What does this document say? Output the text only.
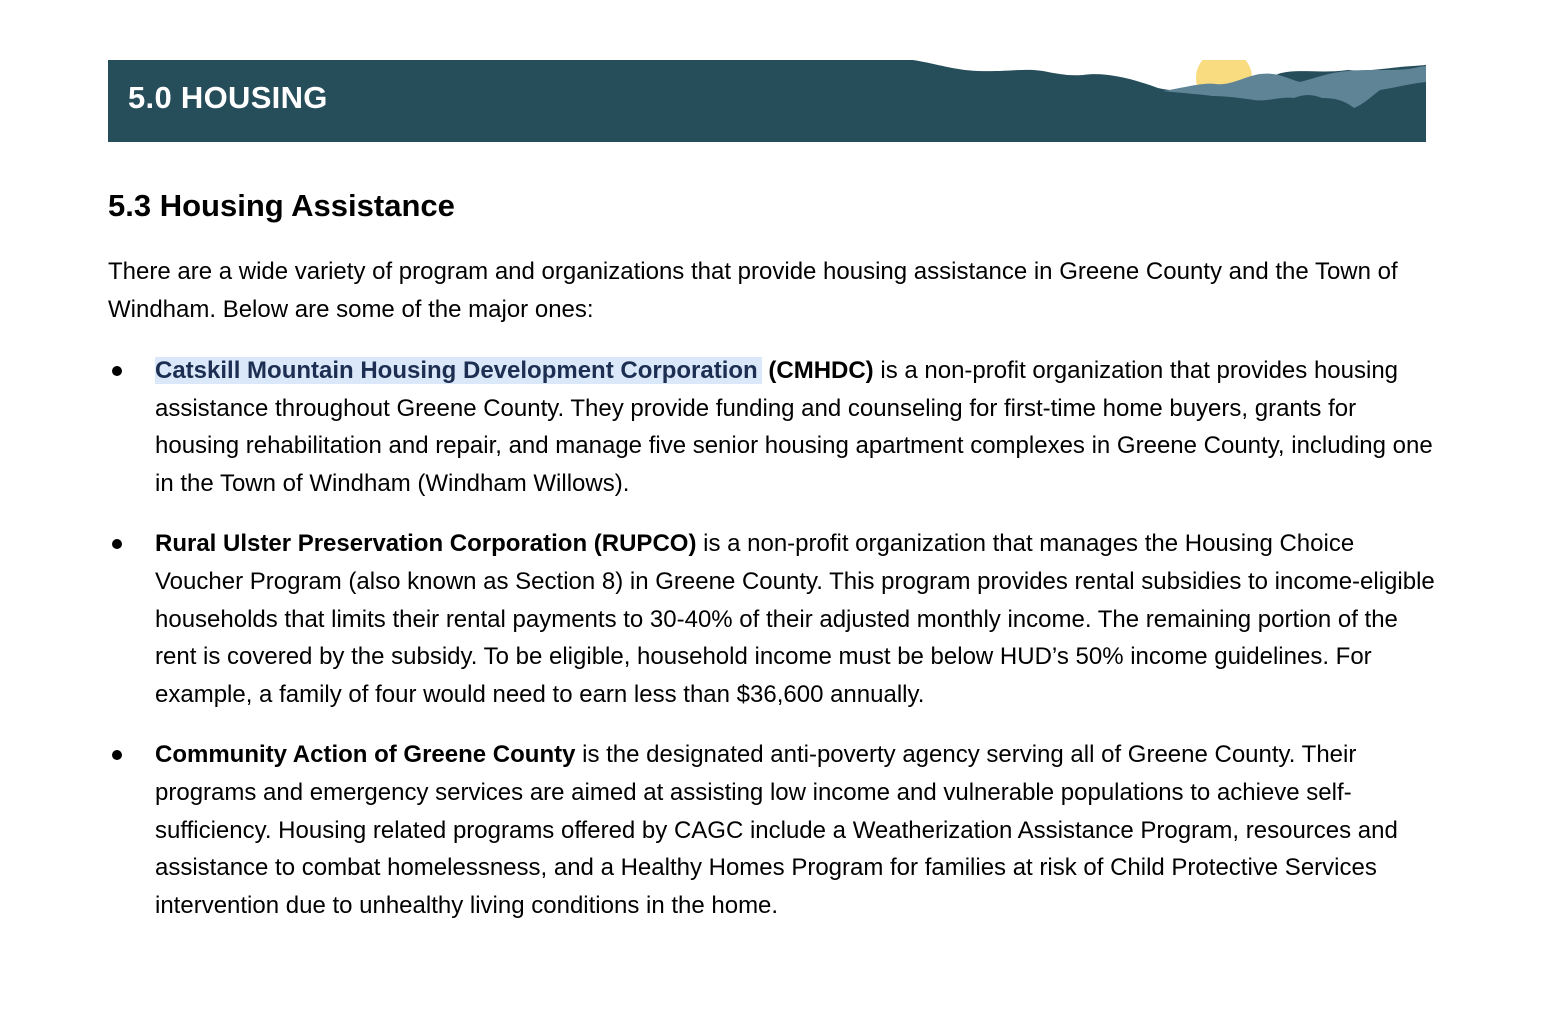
5.0 HOUSING
5.3 Housing Assistance

There are a wide variety of program and organizations that provide housing assistance in Greene County and the Town of Windham. Below are some of the major ones:

Catskill Mountain Housing Development Corporation (CMHDC) is a non-profit organization that provides housing assistance throughout Greene County. They provide funding and counseling for first-time home buyers, grants for housing rehabilitation and repair, and manage five senior housing apartment complexes in Greene County, including one in the Town of Windham (Windham Willows).
Rural Ulster Preservation Corporation (RUPCO) is a non-profit organization that manages the Housing Choice Voucher Program (also known as Section 8) in Greene County. This program provides rental subsidies to income-eligible households that limits their rental payments to 30-40% of their adjusted monthly income. The remaining portion of the rent is covered by the subsidy. To be eligible, household income must be below HUD’s 50% income guidelines. For example, a family of four would need to earn less than $36,600 annually.
Community Action of Greene County is the designated anti-poverty agency serving all of Greene County. Their programs and emergency services are aimed at assisting low income and vulnerable populations to achieve self-sufficiency. Housing related programs offered by CAGC include a Weatherization Assistance Program, resources and assistance to combat homelessness, and a Healthy Homes Program for families at risk of Child Protective Services intervention due to unhealthy living conditions in the home.
